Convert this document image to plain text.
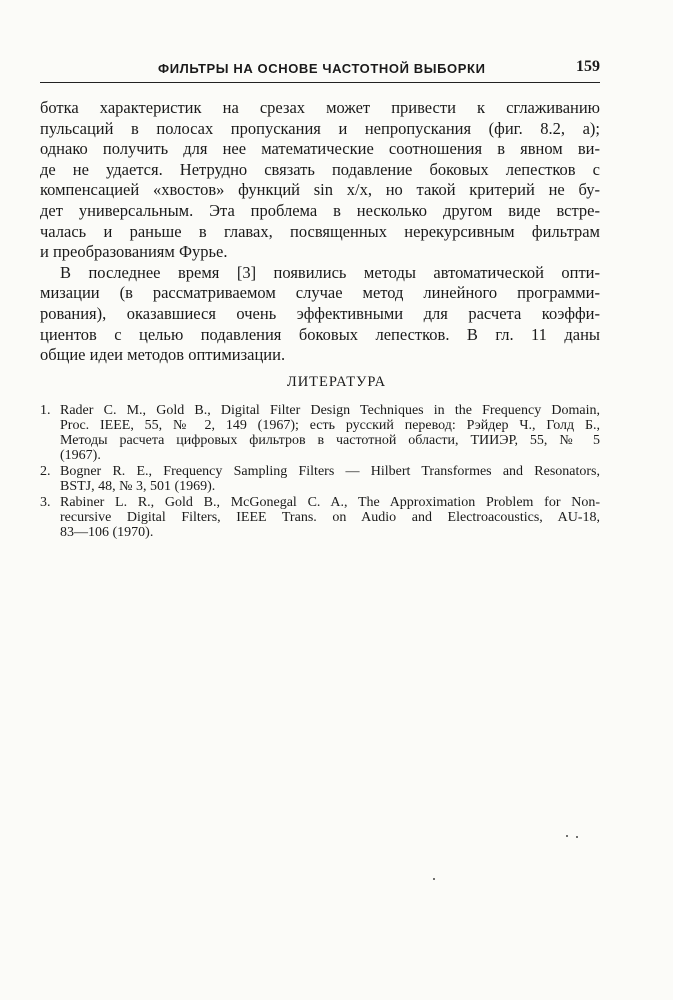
ФИЛЬТРЫ НА ОСНОВЕ ЧАСТОТНОЙ ВЫБОРКИ	159
ботка характеристик на срезах может привести к сглаживанию
пульсаций в полосах пропускания и непропускания (фиг. 8.2, а);
однако получить для нее математические соотношения в явном ви-
де не удается. Нетрудно связать подавление боковых лепестков с
компенсацией «хвостов» функций sin x/x, но такой критерий не бу-
дет универсальным. Эта проблема в несколько другом виде встре-
чалась и раньше в главах, посвященных нерекурсивным фильтрам
и преобразованиям Фурье.
В последнее время [3] появились методы автоматической опти-
мизации (в рассматриваемом случае метод линейного программи-
рования), оказавшиеся очень эффективными для расчета коэффи-
циентов с целью подавления боковых лепестков. В гл. 11 даны
общие идеи методов оптимизации.
ЛИТЕРАТУРА
1. Rader C. M., Gold B., Digital Filter Design Techniques in the Frequency Domain,
Proc. IEEE, 55, № 2, 149 (1967); есть русский перевод: Рэйдер Ч., Голд Б.,
Методы расчета цифровых фильтров в частотной области, ТИИЭР, 55, № 5
(1967).
2. Bogner R. E., Frequency Sampling Filters — Hilbert Transformes and Resonators,
BSTJ, 48, № 3, 501 (1969).
3. Rabiner L. R., Gold B., McGonegal C. A., The Approximation Problem for Non-
recursive Digital Filters, IEEE Trans. on Audio and Electroacoustics, AU-18,
83—106 (1970).
